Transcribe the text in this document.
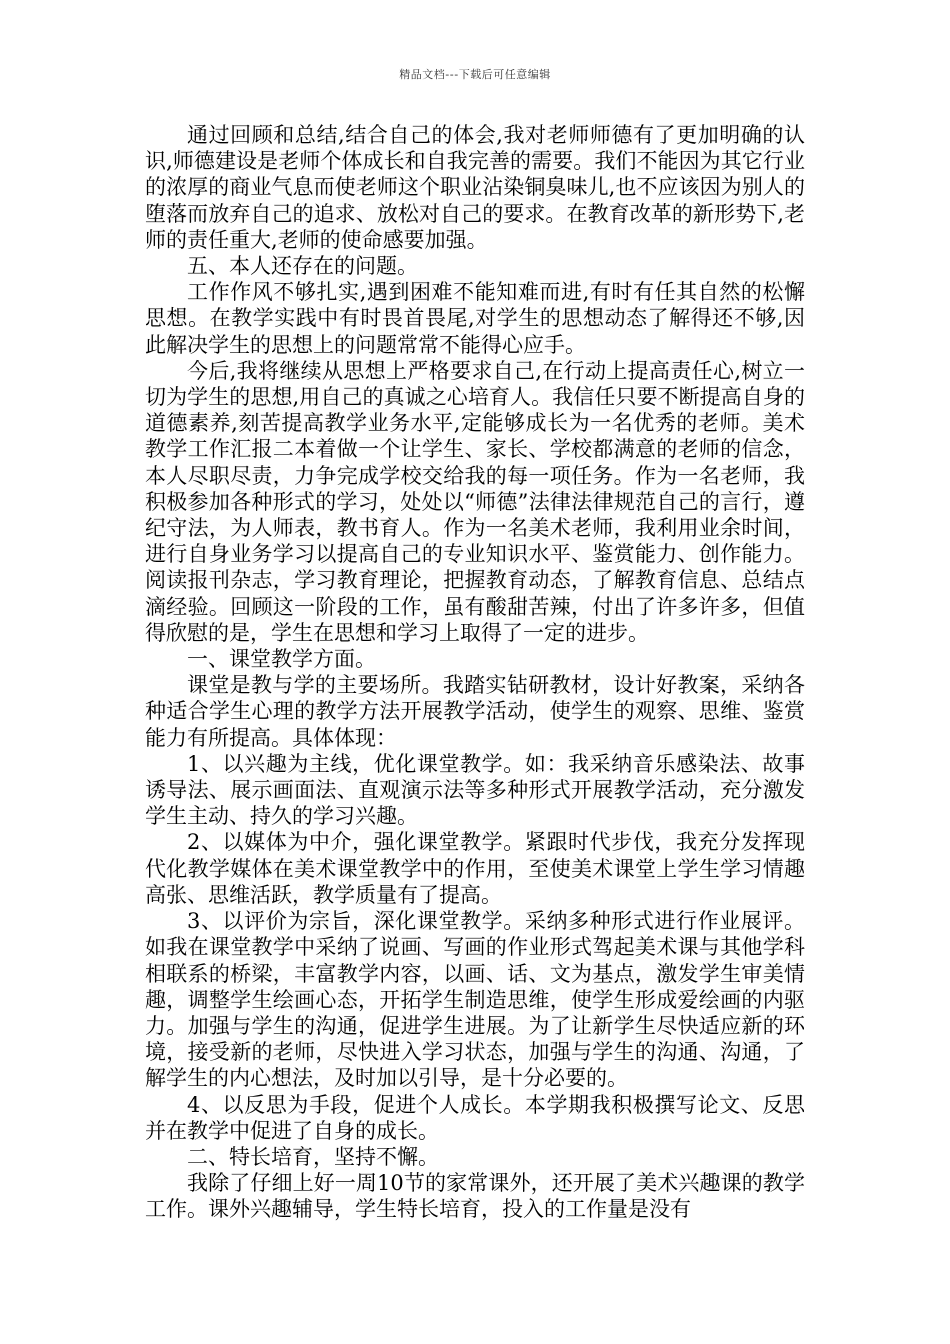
精品文档---下载后可任意编辑

通过回顾和总结,结合自己的体会,我对老师师德有了更加明确的认识,师德建设是老师个体成长和自我完善的需要。我们不能因为其它行业的浓厚的商业气息而使老师这个职业沾染铜臭味儿,也不应该因为别人的堕落而放弃自己的追求、放松对自己的要求。在教育改革的新形势下,老师的责任重大,老师的使命感要加强。

五、本人还存在的问题。

工作作风不够扎实,遇到困难不能知难而进,有时有任其自然的松懈思想。在教学实践中有时畏首畏尾,对学生的思想动态了解得还不够,因此解决学生的思想上的问题常常不能得心应手。

今后,我将继续从思想上严格要求自己,在行动上提高责任心,树立一切为学生的思想,用自己的真诚之心培育人。我信任只要不断提高自身的道德素养,刻苦提高教学业务水平,定能够成长为一名优秀的老师。美术教学工作汇报二本着做一个让学生、家长、学校都满意的老师的信念，本人尽职尽责，力争完成学校交给我的每一项任务。作为一名老师，我积极参加各种形式的学习，处处以“师德”法律法律规范自己的言行，遵纪守法，为人师表，教书育人。作为一名美术老师，我利用业余时间，进行自身业务学习以提高自己的专业知识水平、鉴赏能力、创作能力。阅读报刊杂志，学习教育理论，把握教育动态，了解教育信息、总结点滴经验。回顾这一阶段的工作，虽有酸甜苦辣，付出了许多许多，但值得欣慰的是，学生在思想和学习上取得了一定的进步。

一、课堂教学方面。

课堂是教与学的主要场所。我踏实钻研教材，设计好教案，采纳各种适合学生心理的教学方法开展教学活动，使学生的观察、思维、鉴赏能力有所提高。具体体现：

1、以兴趣为主线，优化课堂教学。如：我采纳音乐感染法、故事诱导法、展示画面法、直观演示法等多种形式开展教学活动，充分激发学生主动、持久的学习兴趣。

2、以媒体为中介，强化课堂教学。紧跟时代步伐，我充分发挥现代化教学媒体在美术课堂教学中的作用，至使美术课堂上学生学习情趣高张、思维活跃，教学质量有了提高。

3、以评价为宗旨，深化课堂教学。采纳多种形式进行作业展评。如我在课堂教学中采纳了说画、写画的作业形式驾起美术课与其他学科相联系的桥梁，丰富教学内容，以画、话、文为基点，激发学生审美情趣，调整学生绘画心态，开拓学生制造思维，使学生形成爱绘画的内驱力。加强与学生的沟通，促进学生进展。为了让新学生尽快适应新的环境，接受新的老师，尽快进入学习状态，加强与学生的沟通、沟通，了解学生的内心想法，及时加以引导，是十分必要的。

4、以反思为手段，促进个人成长。本学期我积极撰写论文、反思并在教学中促进了自身的成长。

二、特长培育，坚持不懈。

我除了仔细上好一周10节的家常课外，还开展了美术兴趣课的教学工作。课外兴趣辅导，学生特长培育，投入的工作量是没有
